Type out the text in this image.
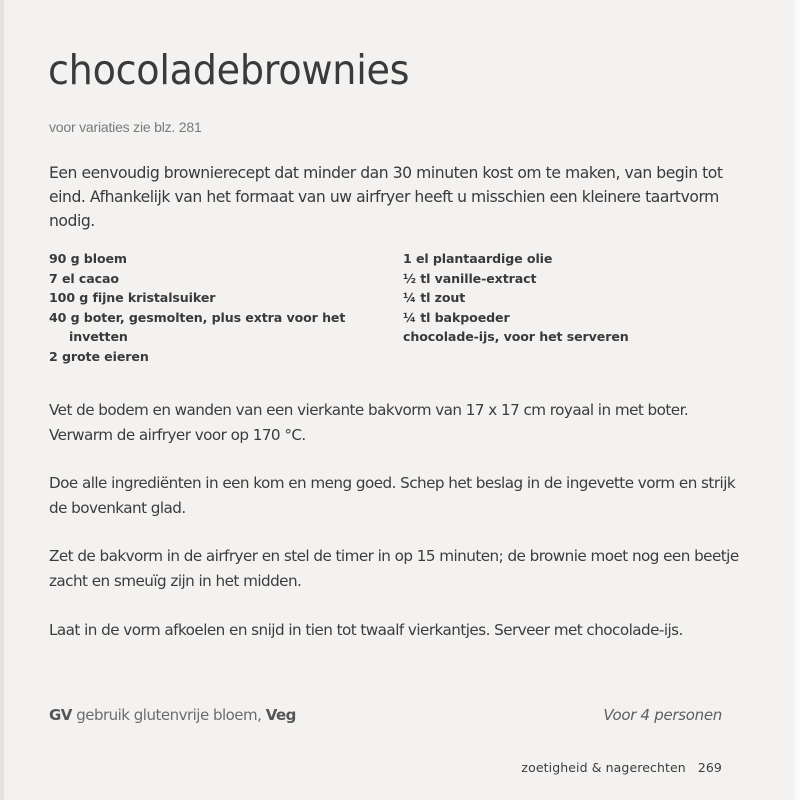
chocoladebrownies
voor variaties zie blz. 281

Een eenvoudig brownierecept dat minder dan 30 minuten kost om te maken, van begin tot eind. Afhankelijk van het formaat van uw airfryer heeft u misschien een kleinere taartvorm nodig.

90 g bloem
7 el cacao
100 g fijne kristalsuiker
40 g boter, gesmolten, plus extra voor het invetten
2 grote eieren
1 el plantaardige olie
½ tl vanille-extract
¼ tl zout
¼ tl bakpoeder
chocolade-ijs, voor het serveren

Vet de bodem en wanden van een vierkante bakvorm van 17 x 17 cm royaal in met boter. Verwarm de airfryer voor op 170 °C.

Doe alle ingrediënten in een kom en meng goed. Schep het beslag in de ingevette vorm en strijk de bovenkant glad.

Zet de bakvorm in de airfryer en stel de timer in op 15 minuten; de brownie moet nog een beetje zacht en smeuïg zijn in het midden.

Laat in de vorm afkoelen en snijd in tien tot twaalf vierkantjes. Serveer met chocolade-ijs.

GV gebruik glutenvrije bloem, Veg	Voor 4 personen
zoetigheid & nagerechten 269
